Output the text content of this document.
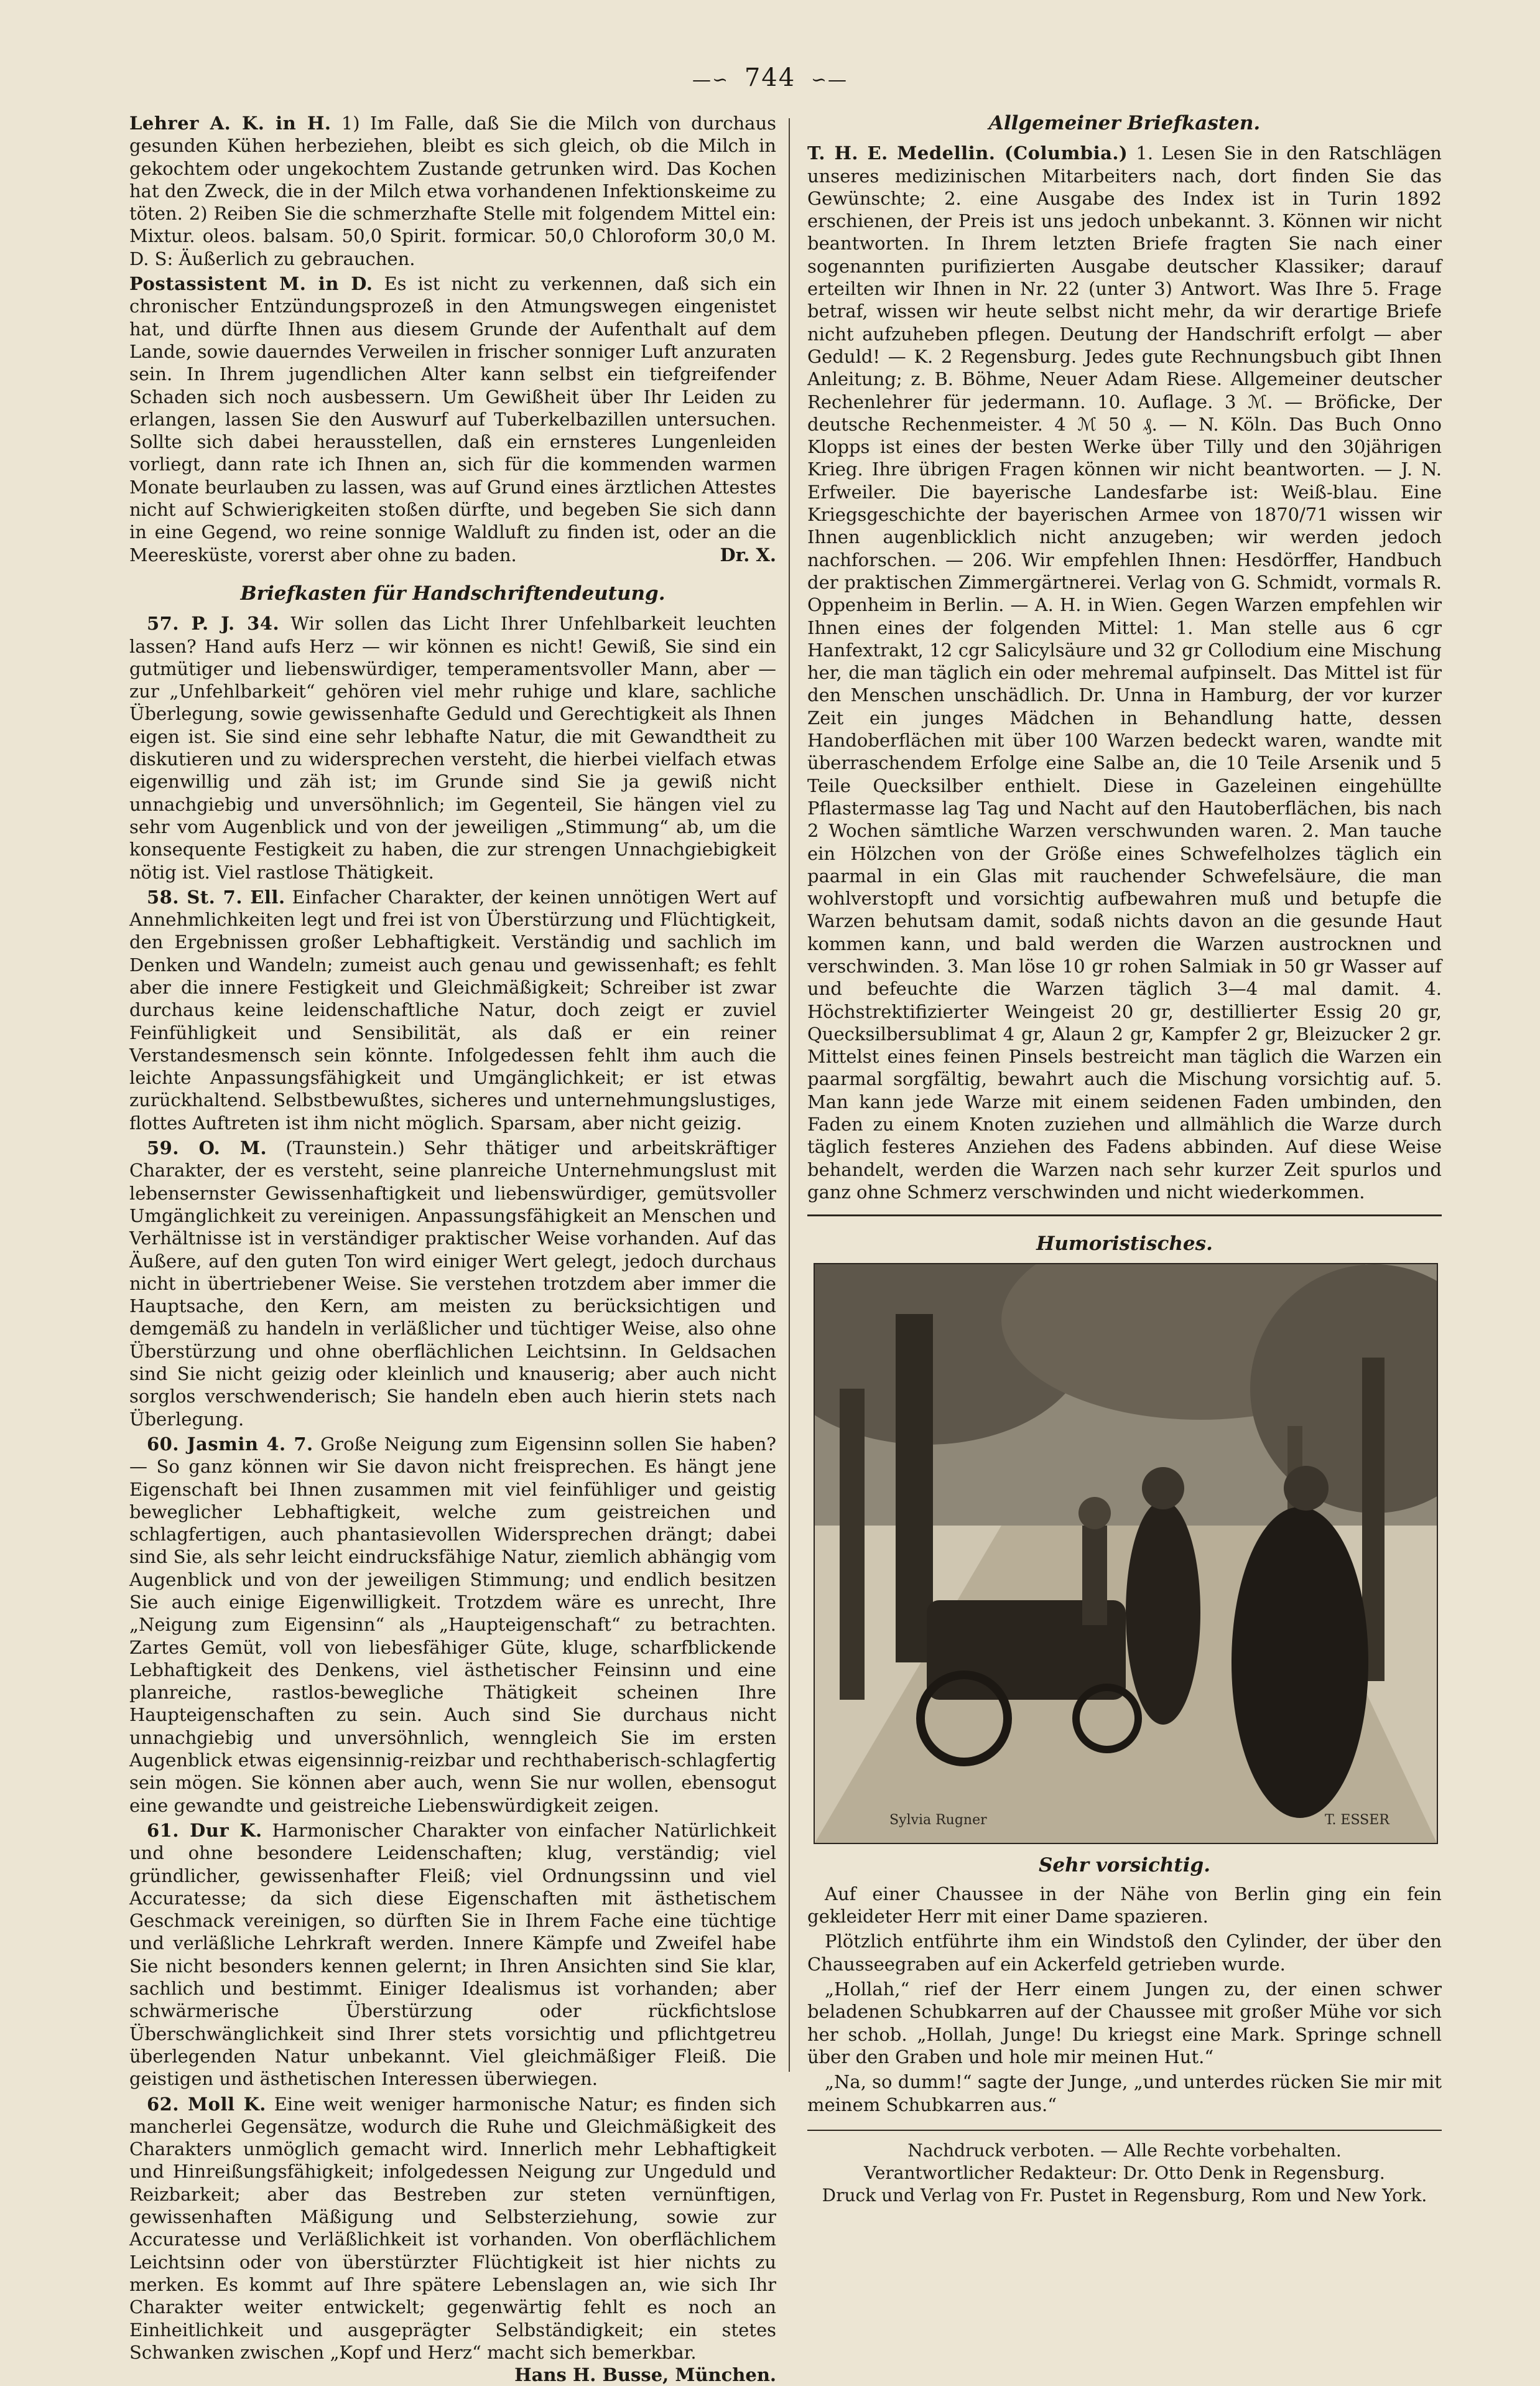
—∽ 744 ∽—

Lehrer A. K. in H. 1) Im Falle, daß Sie die Milch von durchaus gesunden Kühen herbeziehen, bleibt es sich gleich, ob die Milch in gekochtem oder ungekochtem Zustande getrunken wird. Das Kochen hat den Zweck, die in der Milch etwa vorhandenen Infektionskeime zu töten. 2) Reiben Sie die schmerzhafte Stelle mit folgendem Mittel ein: Mixtur. oleos. balsam. 50,0 Spirit. formicar. 50,0 Chloroform 30,0 M. D. S: Äußerlich zu gebrauchen.

Postassistent M. in D. Es ist nicht zu verkennen, daß sich ein chronischer Entzündungsprozeß in den Atmungswegen eingenistet hat, und dürfte Ihnen aus diesem Grunde der Aufenthalt auf dem Lande, sowie dauerndes Verweilen in frischer sonniger Luft anzuraten sein. In Ihrem jugendlichen Alter kann selbst ein tiefgreifender Schaden sich noch ausbessern. Um Gewißheit über Ihr Leiden zu erlangen, lassen Sie den Auswurf auf Tuberkelbazillen untersuchen. Sollte sich dabei herausstellen, daß ein ernsteres Lungenleiden vorliegt, dann rate ich Ihnen an, sich für die kommenden warmen Monate beurlauben zu lassen, was auf Grund eines ärztlichen Attestes nicht auf Schwierigkeiten stoßen dürfte, und begeben Sie sich dann in eine Gegend, wo reine sonnige Waldluft zu finden ist, oder an die Meeresküste, vorerst aber ohne zu baden.	Dr. X.

Briefkasten für Handschriftendeutung.

57. P. J. 34. Wir sollen das Licht Ihrer Unfehlbarkeit leuchten lassen? Hand aufs Herz — wir können es nicht! Gewiß, Sie sind ein gutmütiger und liebenswürdiger, temperamentsvoller Mann, aber — zur „Unfehlbarkeit“ gehören viel mehr ruhige und klare, sachliche Überlegung, sowie gewissenhafte Geduld und Gerechtigkeit als Ihnen eigen ist. Sie sind eine sehr lebhafte Natur, die mit Gewandtheit zu diskutieren und zu widersprechen versteht, die hierbei vielfach etwas eigenwillig und zäh ist; im Grunde sind Sie ja gewiß nicht unnachgiebig und unversöhnlich; im Gegenteil, Sie hängen viel zu sehr vom Augenblick und von der jeweiligen „Stimmung“ ab, um die konsequente Festigkeit zu haben, die zur strengen Unnachgiebigkeit nötig ist. Viel rastlose Thätigkeit.

58. St. 7. Ell. Einfacher Charakter, der keinen unnötigen Wert auf Annehmlichkeiten legt und frei ist von Überstürzung und Flüchtigkeit, den Ergebnissen großer Lebhaftigkeit. Verständig und sachlich im Denken und Wandeln; zumeist auch genau und gewissenhaft; es fehlt aber die innere Festigkeit und Gleichmäßigkeit; Schreiber ist zwar durchaus keine leidenschaftliche Natur, doch zeigt er zuviel Feinfühligkeit und Sensibilität, als daß er ein reiner Verstandesmensch sein könnte. Infolgedessen fehlt ihm auch die leichte Anpassungsfähigkeit und Umgänglichkeit; er ist etwas zurückhaltend. Selbstbewußtes, sicheres und unternehmungslustiges, flottes Auftreten ist ihm nicht möglich. Sparsam, aber nicht geizig.

59. O. M. (Traunstein.) Sehr thätiger und arbeitskräftiger Charakter, der es versteht, seine planreiche Unternehmungslust mit lebensernster Gewissenhaftigkeit und liebenswürdiger, gemütsvoller Umgänglichkeit zu vereinigen. Anpassungsfähigkeit an Menschen und Verhältnisse ist in verständiger praktischer Weise vorhanden. Auf das Äußere, auf den guten Ton wird einiger Wert gelegt, jedoch durchaus nicht in übertriebener Weise. Sie verstehen trotzdem aber immer die Hauptsache, den Kern, am meisten zu berücksichtigen und demgemäß zu handeln in verläßlicher und tüchtiger Weise, also ohne Überstürzung und ohne oberflächlichen Leichtsinn. In Geldsachen sind Sie nicht geizig oder kleinlich und knauserig; aber auch nicht sorglos verschwenderisch; Sie handeln eben auch hierin stets nach Überlegung.

60. Jasmin 4. 7. Große Neigung zum Eigensinn sollen Sie haben? — So ganz können wir Sie davon nicht freisprechen. Es hängt jene Eigenschaft bei Ihnen zusammen mit viel feinfühliger und geistig beweglicher Lebhaftigkeit, welche zum geistreichen und schlagfertigen, auch phantasievollen Widersprechen drängt; dabei sind Sie, als sehr leicht eindrucksfähige Natur, ziemlich abhängig vom Augenblick und von der jeweiligen Stimmung; und endlich besitzen Sie auch einige Eigenwilligkeit. Trotzdem wäre es unrecht, Ihre „Neigung zum Eigensinn“ als „Haupteigenschaft“ zu betrachten. Zartes Gemüt, voll von liebesfähiger Güte, kluge, scharfblickende Lebhaftigkeit des Denkens, viel ästhetischer Feinsinn und eine planreiche, rastlos-bewegliche Thätigkeit scheinen Ihre Haupteigenschaften zu sein. Auch sind Sie durchaus nicht unnachgiebig und unversöhnlich, wenngleich Sie im ersten Augenblick etwas eigensinnig-reizbar und rechthaberisch-schlagfertig sein mögen. Sie können aber auch, wenn Sie nur wollen, ebensogut eine gewandte und geistreiche Liebenswürdigkeit zeigen.

61. Dur K. Harmonischer Charakter von einfacher Natürlichkeit und ohne besondere Leidenschaften; klug, verständig; viel gründlicher, gewissenhafter Fleiß; viel Ordnungssinn und viel Accuratesse; da sich diese Eigenschaften mit ästhetischem Geschmack vereinigen, so dürften Sie in Ihrem Fache eine tüchtige und verläßliche Lehrkraft werden. Innere Kämpfe und Zweifel habe Sie nicht besonders kennen gelernt; in Ihren Ansichten sind Sie klar, sachlich und bestimmt. Einiger Idealismus ist vorhanden; aber schwärmerische Überstürzung oder rückfichtslose Überschwänglichkeit sind Ihrer stets vorsichtig und pflichtgetreu überlegenden Natur unbekannt. Viel gleichmäßiger Fleiß. Die geistigen und ästhetischen Interessen überwiegen.

62. Moll K. Eine weit weniger harmonische Natur; es finden sich mancherlei Gegensätze, wodurch die Ruhe und Gleichmäßigkeit des Charakters unmöglich gemacht wird. Innerlich mehr Lebhaftigkeit und Hinreißungsfähigkeit; infolgedessen Neigung zur Ungeduld und Reizbarkeit; aber das Bestreben zur steten vernünftigen, gewissenhaften Mäßigung und Selbsterziehung, sowie zur Accuratesse und Verläßlichkeit ist vorhanden. Von oberflächlichem Leichtsinn oder von überstürzter Flüchtigkeit ist hier nichts zu merken. Es kommt auf Ihre spätere Lebenslagen an, wie sich Ihr Charakter weiter entwickelt; gegenwärtig fehlt es noch an Einheitlichkeit und ausgeprägter Selbständigkeit; ein stetes Schwanken zwischen „Kopf und Herz“ macht sich bemerkbar.
Hans H. Busse, München.

Allgemeiner Briefkasten.

T. H. E. Medellin. (Columbia.) 1. Lesen Sie in den Ratschlägen unseres medizinischen Mitarbeiters nach, dort finden Sie das Gewünschte; 2. eine Ausgabe des Index ist in Turin 1892 erschienen, der Preis ist uns jedoch unbekannt. 3. Können wir nicht beantworten. In Ihrem letzten Briefe fragten Sie nach einer sogenannten purifizierten Ausgabe deutscher Klassiker; darauf erteilten wir Ihnen in Nr. 22 (unter 3) Antwort. Was Ihre 5. Frage betraf, wissen wir heute selbst nicht mehr, da wir derartige Briefe nicht aufzuheben pflegen. Deutung der Handschrift erfolgt — aber Geduld! — K. 2 Regensburg. Jedes gute Rechnungsbuch gibt Ihnen Anleitung; z. B. Böhme, Neuer Adam Riese. Allgemeiner deutscher Rechenlehrer für jedermann. 10. Auflage. 3 ℳ. — Bröficke, Der deutsche Rechenmeister. 4 ℳ 50 ₰. — N. Köln. Das Buch Onno Klopps ist eines der besten Werke über Tilly und den 30jährigen Krieg. Ihre übrigen Fragen können wir nicht beantworten. — J. N. Erfweiler. Die bayerische Landesfarbe ist: Weiß-blau. Eine Kriegsgeschichte der bayerischen Armee von 1870/71 wissen wir Ihnen augenblicklich nicht anzugeben; wir werden jedoch nachforschen. — 206. Wir empfehlen Ihnen: Hesdörffer, Handbuch der praktischen Zimmergärtnerei. Verlag von G. Schmidt, vormals R. Oppenheim in Berlin. — A. H. in Wien. Gegen Warzen empfehlen wir Ihnen eines der folgenden Mittel: 1. Man stelle aus 6 cgr Hanfextrakt, 12 cgr Salicylsäure und 32 gr Collodium eine Mischung her, die man täglich ein oder mehremal aufpinselt. Das Mittel ist für den Menschen unschädlich. Dr. Unna in Hamburg, der vor kurzer Zeit ein junges Mädchen in Behandlung hatte, dessen Handoberflächen mit über 100 Warzen bedeckt waren, wandte mit überraschendem Erfolge eine Salbe an, die 10 Teile Arsenik und 5 Teile Quecksilber enthielt. Diese in Gazeleinen eingehüllte Pflastermasse lag Tag und Nacht auf den Hautoberflächen, bis nach 2 Wochen sämtliche Warzen verschwunden waren. 2. Man tauche ein Hölzchen von der Größe eines Schwefelholzes täglich ein paarmal in ein Glas mit rauchender Schwefelsäure, die man wohlverstopft und vorsichtig aufbewahren muß und betupfe die Warzen behutsam damit, sodaß nichts davon an die gesunde Haut kommen kann, und bald werden die Warzen austrocknen und verschwinden. 3. Man löse 10 gr rohen Salmiak in 50 gr Wasser auf und befeuchte die Warzen täglich 3—4 mal damit. 4. Höchstrektifizierter Weingeist 20 gr, destillierter Essig 20 gr, Quecksilbersublimat 4 gr, Alaun 2 gr, Kampfer 2 gr, Bleizucker 2 gr. Mittelst eines feinen Pinsels bestreicht man täglich die Warzen ein paarmal sorgfältig, bewahrt auch die Mischung vorsichtig auf. 5. Man kann jede Warze mit einem seidenen Faden umbinden, den Faden zu einem Knoten zuziehen und allmählich die Warze durch täglich festeres Anziehen des Fadens abbinden. Auf diese Weise behandelt, werden die Warzen nach sehr kurzer Zeit spurlos und ganz ohne Schmerz verschwinden und nicht wiederkommen.

Humoristisches.
Sylvia Rugner	T. ESSER
Sehr vorsichtig.

Auf einer Chaussee in der Nähe von Berlin ging ein fein gekleideter Herr mit einer Dame spazieren.

Plötzlich entführte ihm ein Windstoß den Cylinder, der über den Chausseegraben auf ein Ackerfeld getrieben wurde.

„Hollah,“ rief der Herr einem Jungen zu, der einen schwer beladenen Schubkarren auf der Chaussee mit großer Mühe vor sich her schob. „Hollah, Junge! Du kriegst eine Mark. Springe schnell über den Graben und hole mir meinen Hut.“

„Na, so dumm!“ sagte der Junge, „und unterdes rücken Sie mir mit meinem Schubkarren aus.“

Nachdruck verboten. — Alle Rechte vorbehalten.
Verantwortlicher Redakteur: Dr. Otto Denk in Regensburg.
Druck und Verlag von Fr. Pustet in Regensburg, Rom und New York.
